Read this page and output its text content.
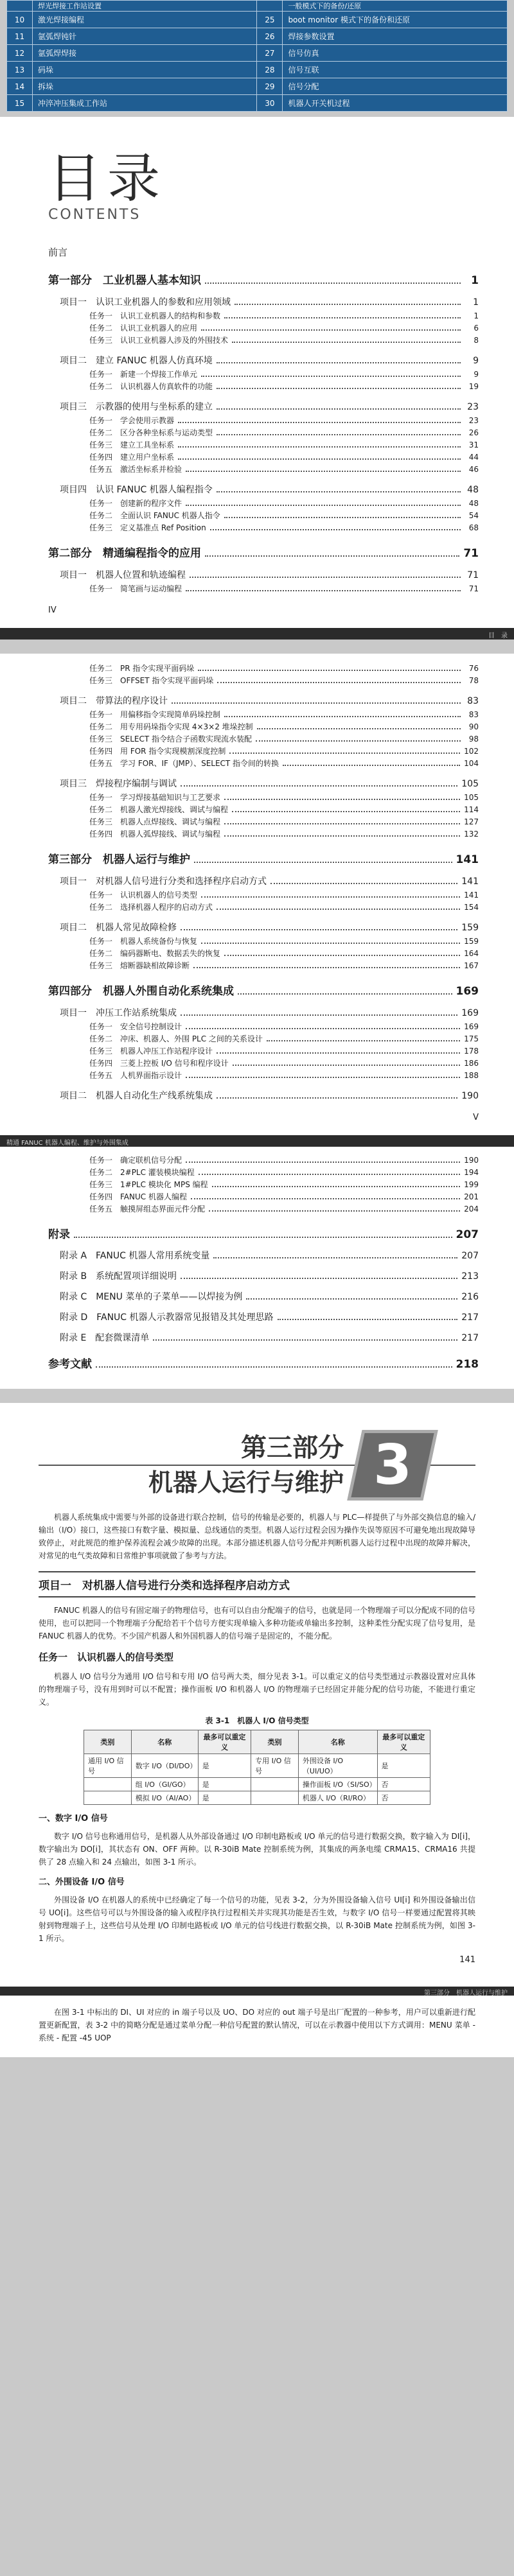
	焊光焊接工作站设置		一般模式下的备份/还原
10	激光焊接编程	25	boot monitor 模式下的备份和还原
11	氩弧焊钝针	26	焊接参数设置
12	氩弧焊焊接	27	信号仿真
13	码垛	28	信号互联
14	拆垛	29	信号分配
15	冲淬冲压集成工作站	30	机器人开关机过程
目录
CONTENTS
前言
第一部分　工业机器人基本知识	1
项目一　认识工业机器人的参数和应用领域	1
任务一　认识工业机器人的结构和参数	1
任务二　认识工业机器人的应用	6
任务三　认识工业机器人涉及的外围技术	8
项目二　建立 FANUC 机器人仿真环境	9
任务一　新建一个焊接工作单元	9
任务二　认识机器人仿真软件的功能	19
项目三　示教器的使用与坐标系的建立	23
任务一　学会使用示教器	23
任务二　区分各种坐标系与运动类型	26
任务三　建立工具坐标系	31
任务四　建立用户坐标系	44
任务五　激活坐标系并检验	46
项目四　认识 FANUC 机器人编程指令	48
任务一　创建新的程序文件	48
任务二　全面认识 FANUC 机器人指令	54
任务三　定义基准点 Ref Position	68
第二部分　精通编程指令的应用	71
项目一　机器人位置和轨迹编程	71
任务一　简笔画与运动编程	71
IV
目　录
任务二　PR 指令实现平面码垛	76
任务三　OFFSET 指令实现平面码垛	78
项目二　带算法的程序设计	83
任务一　用偏移指令实现简单码垛控制	83
任务二　用专用码垛指令实现 4×3×2 堆垛控制	90
任务三　SELECT 指令结合子函数实现流水装配	98
任务四　用 FOR 指令实现模割深度控制	102
任务五　学习 FOR、IF（JMP）、SELECT 指令间的转换	104
项目三　焊接程序编制与调试	105
任务一　学习焊接基础知识与工艺要求	105
任务二　机器人激光焊接线、调试与编程	114
任务三　机器人点焊接线、调试与编程	127
任务四　机器人弧焊接线、调试与编程	132
第三部分　机器人运行与维护	141
项目一　对机器人信号进行分类和选择程序启动方式	141
任务一　认识机器人的信号类型	141
任务二　选择机器人程序的启动方式	154
项目二　机器人常见故障检修	159
任务一　机器人系统备份与恢复	159
任务二　编码器断电、数据丢失的恢复	164
任务三　熔断器缺相故障诊断	167
第四部分　机器人外围自动化系统集成	169
项目一　冲压工作站系统集成	169
任务一　安全信号控制设计	169
任务二　冲床、机器人、外围 PLC 之间的关系设计	175
任务三　机器人冲压工作站程序设计	178
任务四　三菱上控板 I/O 信号和程序设计	186
任务五　人机界面指示设计	188
项目二　机器人自动化生产线系统集成	190
V
精通 FANUC 机器人编程、维护与外围集成
任务一　确定联机信号分配	190
任务二　2#PLC 灌装模块编程	194
任务三　1#PLC 模块化 MPS 编程	199
任务四　FANUC 机器人编程	201
任务五　触摸屏组态界面元件分配	204
附录	207
附录 A　FANUC 机器人常用系统变量	207
附录 B　系统配置项详细说明	213
附录 C　MENU 菜单的子菜单——以焊接为例	216
附录 D　FANUC 机器人示教器常见报错及其处理思路	217
附录 E　配套微课清单	217
参考文献	218
第三部分
机器人运行与维护 3

机器人系统集成中需要与外部的设备进行联合控制，信号的传输是必要的，机器人与 PLC—样提供了与外部交换信息的输入/输出（I/O）接口，这些接口有数字量、模拟量、总线通信的类型。机器人运行过程会因为操作失误等原因不可避免地出现故障导致停止，对此规范的维护保养流程会减少故障的出现。本部分描述机器人信号分配并判断机器人运行过程中出现的故障并解决，对常见的电气类故障和日常维护事项就做了参考与方法。

项目一　对机器人信号进行分类和选择程序启动方式

FANUC 机器人的信号有固定端子的物理信号，也有可以自由分配端子的信号，也就是同一个物理端子可以分配成不同的信号使用，也可以把同一个物理端子分配给若干个信号方便实现单输入多种功能或单输出多控制，这种柔性分配实现了信号复用，是 FANUC 机器人的优势。不少国产机器人和外国机器人的信号端子是固定的，不能分配。

任务一　认识机器人的信号类型

机器人 I/O 信号分为通用 I/O 信号和专用 I/O 信号两大类，细分见表 3-1。可以重定义的信号类型通过示教器设置对应具体的物理端子号，没有用到时可以不配置；操作面板 I/O 和机器人 I/O 的物理端子已经固定并能分配的信号功能，不能进行重定义。

表 3-1　机器人 I/O 信号类型
类别	名称	最多可以重定义	类别	名称	最多可以重定义
通用 I/O 信号	数字 I/O（DI/DO）	是	专用 I/O 信号	外围设备 I/O（UI/UO）	是
	组 I/O（GI/GO）	是		操作面板 I/O（SI/SO）	否
	模拟 I/O（AI/AO）	是		机器人 I/O（RI/RO）	否
一、数字 I/O 信号

数字 I/O 信号也称通用信号，是机器人从外部设备通过 I/O 印制电路板或 I/O 单元的信号进行数据交换，数字输入为 DI[i]，数字输出为 DO[i]，其状态有 ON、OFF 两种。以 R-30iB Mate 控制系统为例，其集成的两条电缆 CRMA15、CRMA16 共提供了 28 点输入和 24 点输出，如图 3-1 所示。

二、外围设备 I/O 信号

外围设备 I/O 在机器人的系统中已经确定了每一个信号的功能，见表 3-2，分为外围设备输入信号 UI[i] 和外围设备输出信号 UO[i]。这些信号可以与外围设备的输入或程序执行过程相关并实现其功能是否生效，与数字 I/O 信号一样要通过配置将其映射到物理端子上，这些信号从处理 I/O 印制电路板或 I/O 单元的信号线进行数据交换，以 R-30iB Mate 控制系统为例，如图 3-1 所示。

141
第三部分　机器人运行与维护

在图 3-1 中标出的 DI、UI 对应的 in 端子号以及 UO、DO 对应的 out 端子号是出厂配置的一种参考，用户可以重新进行配置更新配置，表 3-2 中的简略分配是通过菜单分配一种信号配置的默认情况，可以在示教器中使用以下方式调用：MENU 菜单 - 系统 - 配置 -45 UOP
